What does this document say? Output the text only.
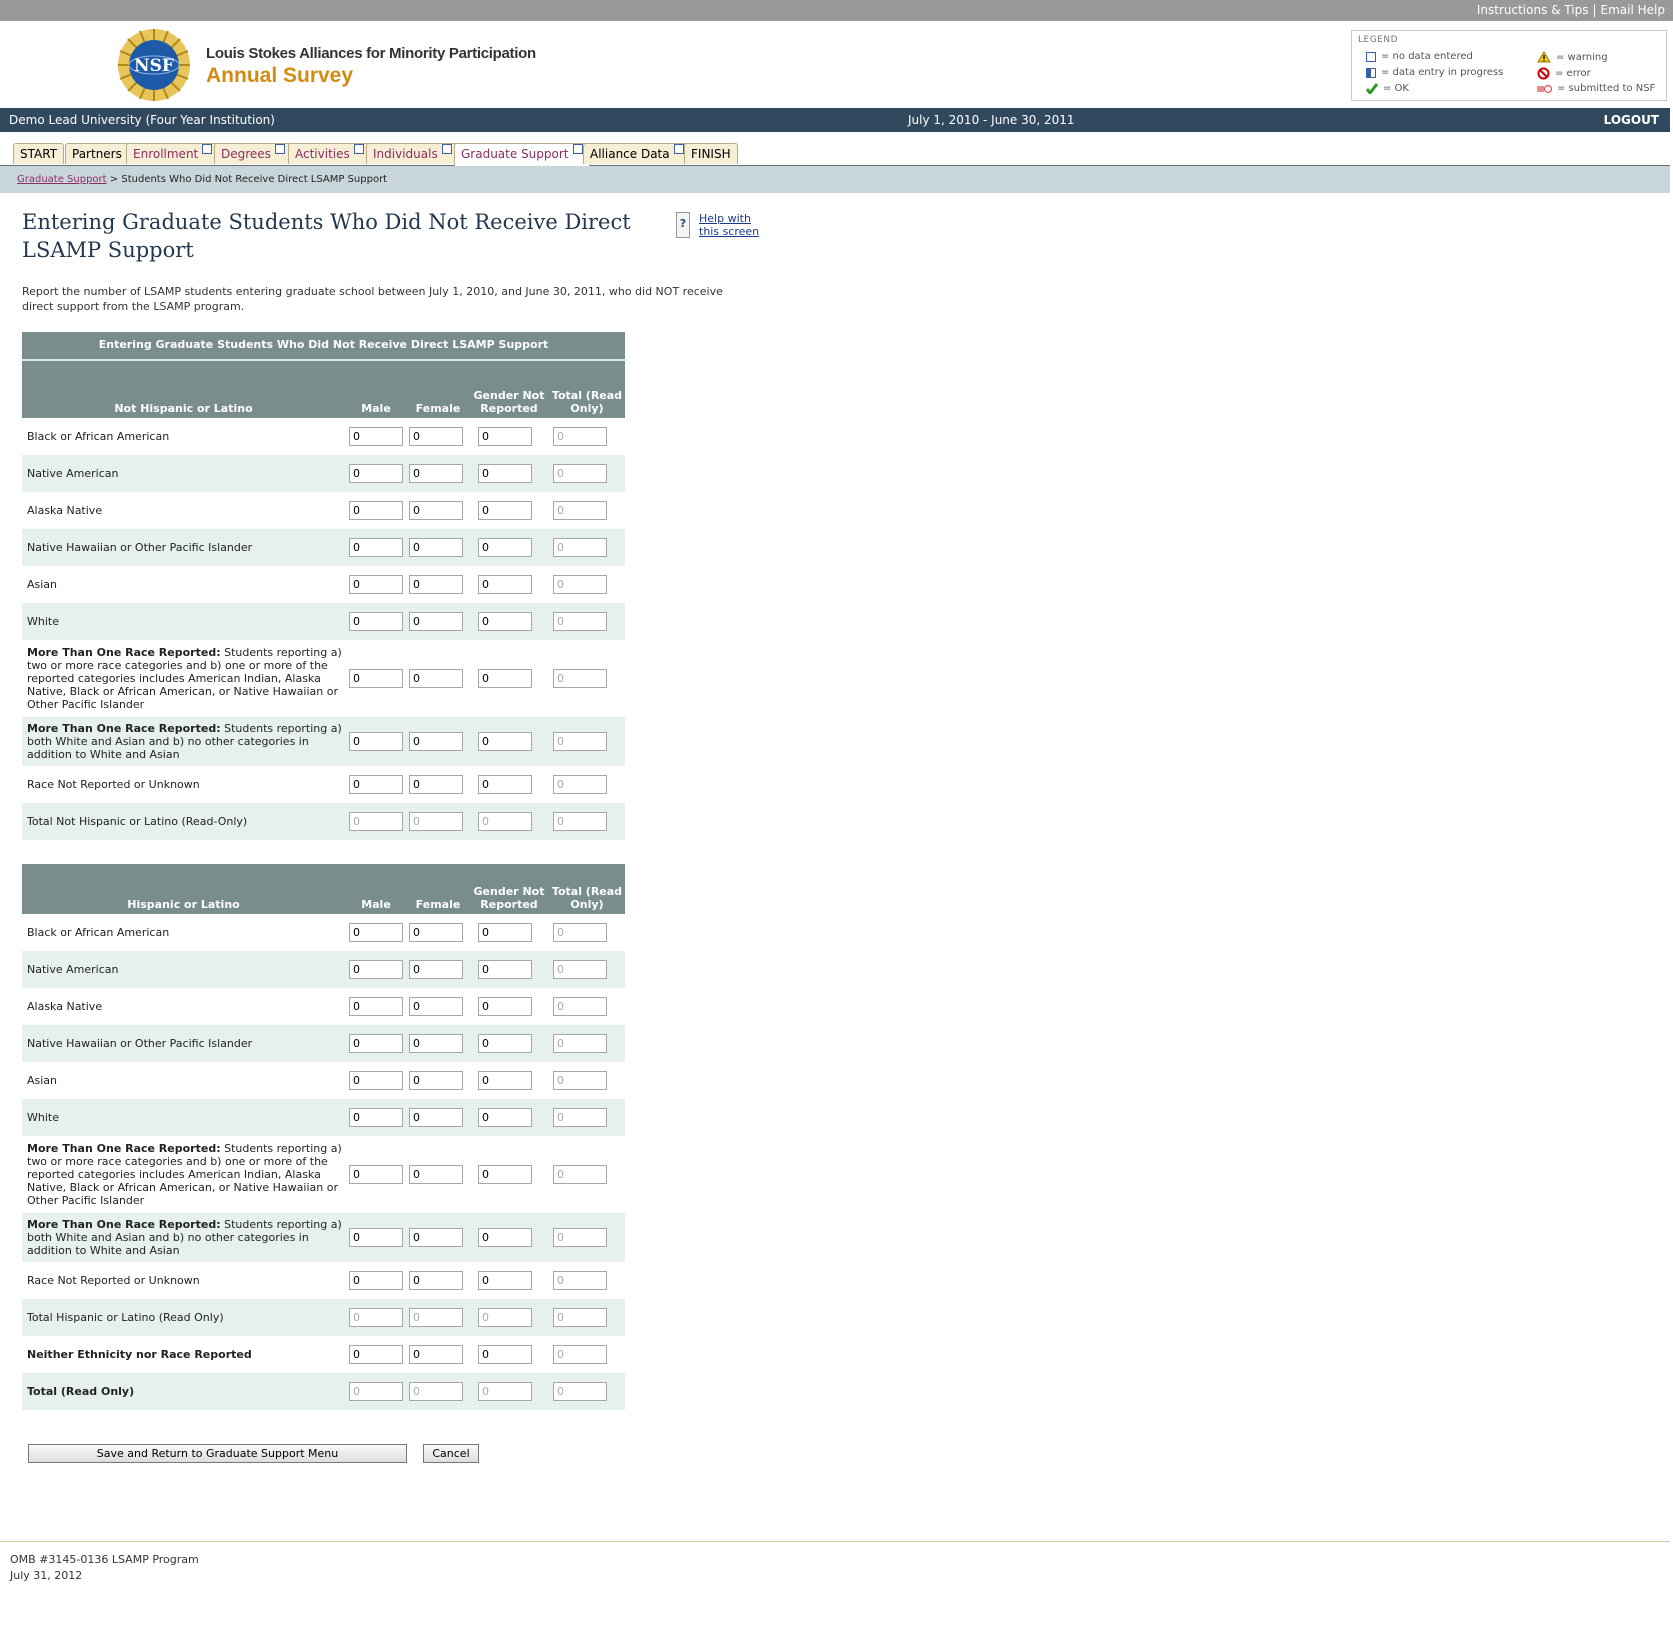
Instructions & Tips | Email Help
NSF
Louis Stokes Alliances for Minority Participation
Annual Survey
LEGEND
= no data entered
= data entry in progress
= OK
= warning
= error
= submitted to NSF
Demo Lead University (Four Year Institution)	July 1, 2010 - June 30, 2011	LOGOUT
START	Partners Enrollment	Degrees	Activities	Individuals	Graduate Support	Alliance Data	FINISH
Graduate Support > Students Who Did Not Receive Direct LSAMP Support
Entering Graduate Students Who Did Not Receive Direct LSAMP Support
?	Help with this screen
Report the number of LSAMP students entering graduate school between July 1, 2010, and June 30, 2011, who did NOT receive direct support from the LSAMP program.
Entering Graduate Students Who Did Not Receive Direct LSAMP Support
Not Hispanic or Latino	Male	Female	Gender Not Reported	Total (Read Only)
Black or African American	0	0	0	0
Native American	0	0	0	0
Alaska Native	0	0	0	0
Native Hawaiian or Other Pacific Islander	0	0	0	0
Asian	0	0	0	0
White	0	0	0	0
More Than One Race Reported: Students reporting a) two or more race categories and b) one or more of the reported categories includes American Indian, Alaska Native, Black or African American, or Native Hawaiian or Other Pacific Islander	0	0	0	0
More Than One Race Reported: Students reporting a) both White and Asian and b) no other categories in addition to White and Asian	0	0	0	0
Race Not Reported or Unknown	0	0	0	0
Total Not Hispanic or Latino (Read-Only)	0	0	0	0
Hispanic or Latino	Male	Female	Gender Not Reported	Total (Read Only)
Black or African American	0	0	0	0
Native American	0	0	0	0
Alaska Native	0	0	0	0
Native Hawaiian or Other Pacific Islander	0	0	0	0
Asian	0	0	0	0
White	0	0	0	0
More Than One Race Reported: Students reporting a) two or more race categories and b) one or more of the reported categories includes American Indian, Alaska Native, Black or African American, or Native Hawaiian or Other Pacific Islander	0	0	0	0
More Than One Race Reported: Students reporting a) both White and Asian and b) no other categories in addition to White and Asian	0	0	0	0
Race Not Reported or Unknown	0	0	0	0
Total Hispanic or Latino (Read Only)	0	0	0	0
Neither Ethnicity nor Race Reported	0	0	0	0
Total (Read Only)	0	0	0	0
Save and Return to Graduate Support Menu	Cancel
OMB #3145-0136 LSAMP Program
July 31, 2012
